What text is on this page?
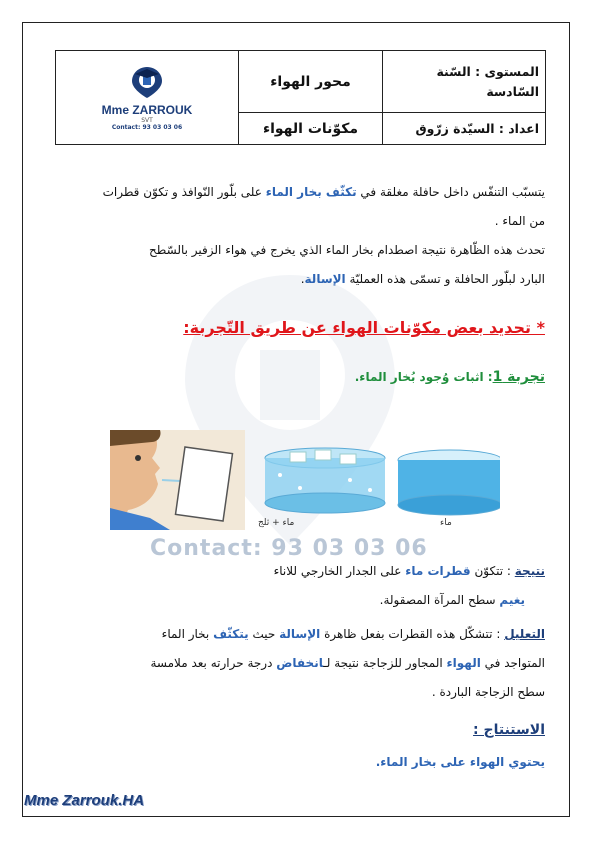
Contact: 93 03 03 06
Mme ZARROUK
SVT
Contact: 93 03 03 06	محور الهواء	المستوى : السّنة السّادسة
	مكوّنات الهواء	اعداد : السيّدة زرّوق
يتسبّب التنفّس داخل حافلة مغلقة في تكثّف بخار الماء على بلّور النّوافذ و تكوّن قطرات
من الماء .
تحدث هذه الظّاهرة نتيجة اصطدام بخار الماء الذي يخرج في هواء الزفير بالسّطح
البارد لبلّور الحافلة و تسمّى هذه العمليّة الإسالة.
* تحديد بعض مكوّنات الهواء عن طريق التّجربة:
تجربة 1: اثبات وُجود بُخار الماء.
ماء + ثلج	ماء
نتيجة : تتكوّن قطرات ماء على الجدار الخارجي للاناء
يغيم سطح المرآة المصقولة.
التعليل : تتشكّل هذه القطرات بفعل ظاهرة الإسالة حيث يتكثّف بخار الماء
المتواجد في الهواء المجاور للزجاجة نتيجة لـانخفاض درجة حرارته بعد ملامسة
سطح الزجاجة الباردة .
الاستنتاج :
يحتوي الهواء على بخار الماء.
Mme Zarrouk.HA
